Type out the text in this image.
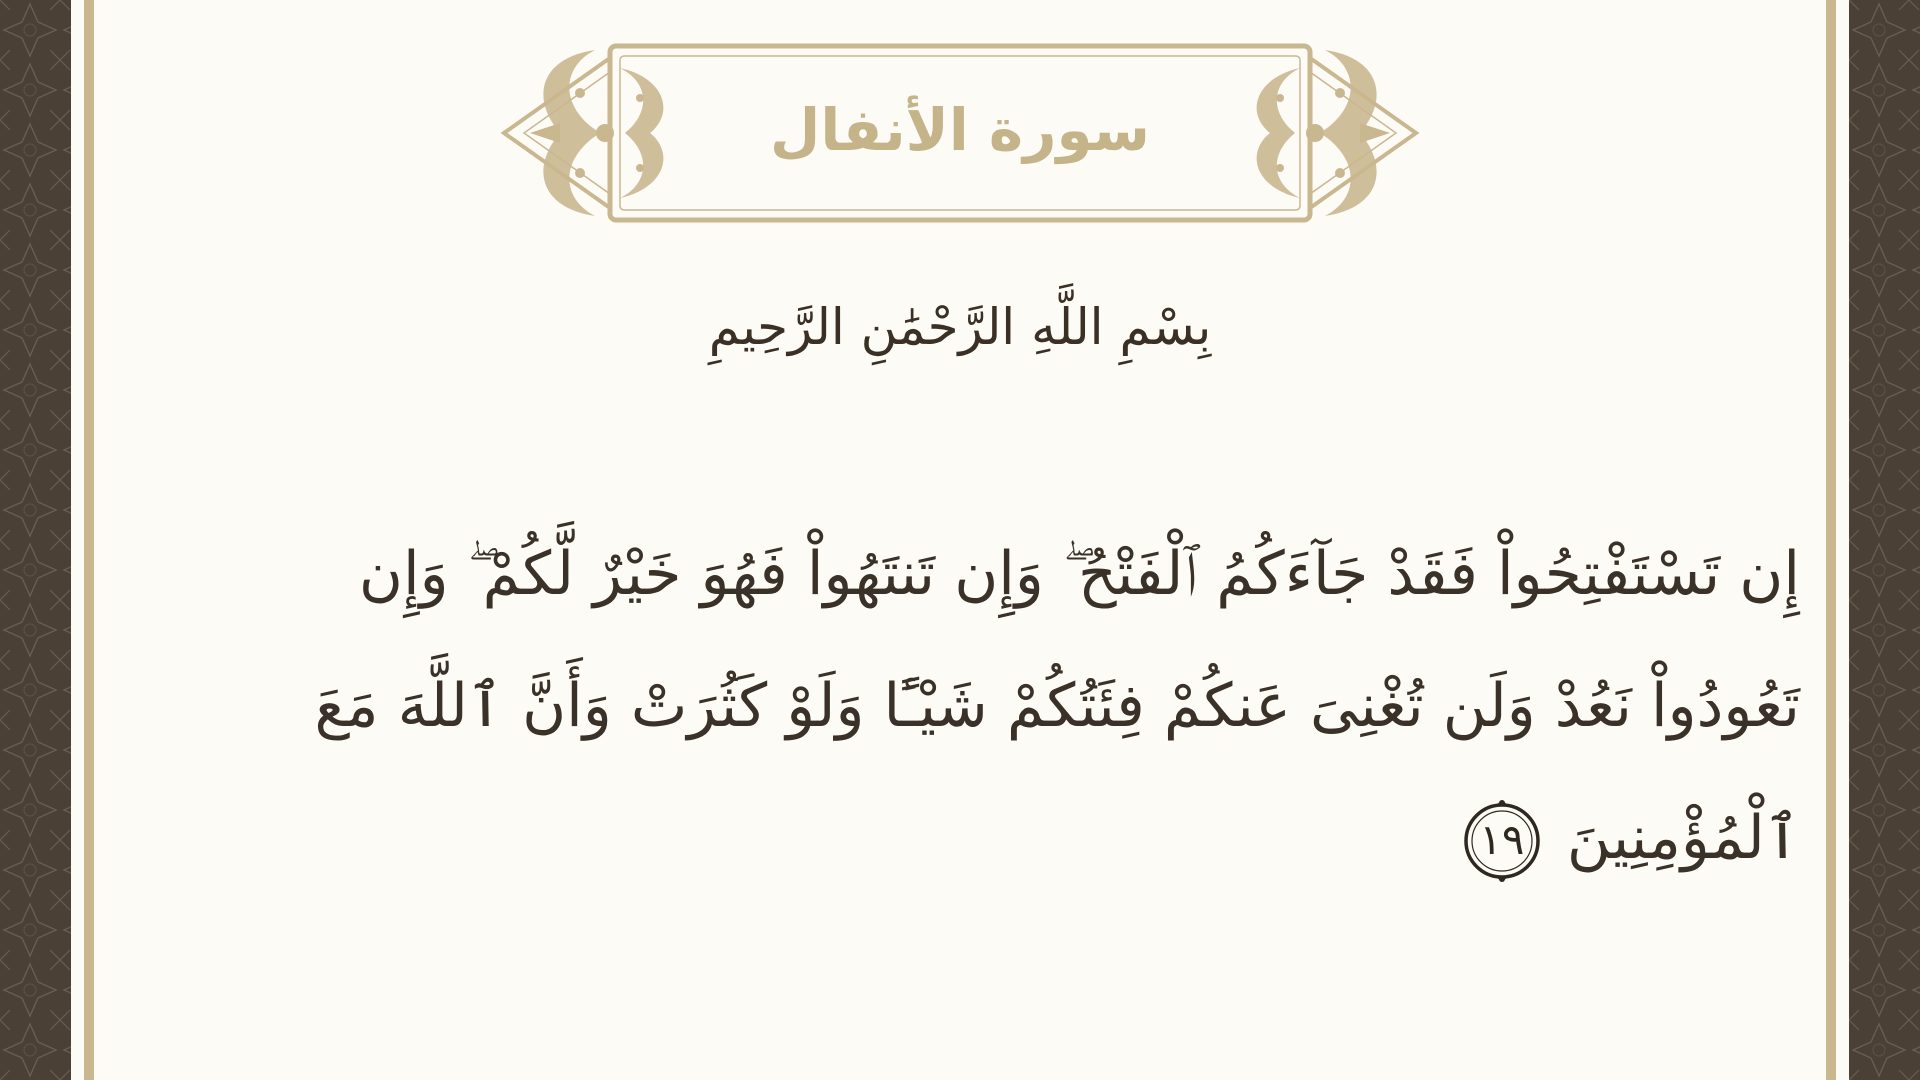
سورة الأنفال
بِسْمِ اللَّهِ الرَّحْمَٰنِ الرَّحِيمِ
إِن تَسْتَفْتِحُواْ فَقَدْ جَآءَكُمُ ٱلْفَتْحُ ۖ وَإِن تَنتَهُواْ فَهُوَ خَيْرٌ لَّكُمْ ۖ وَإِن
تَعُودُواْ نَعُدْ وَلَن تُغْنِىَ عَنكُمْ فِئَتُكُمْ شَيْـًٔا وَلَوْ كَثُرَتْ وَأَنَّ ٱللَّهَ مَعَ
ٱلْمُؤْمِنِينَ
١٩
